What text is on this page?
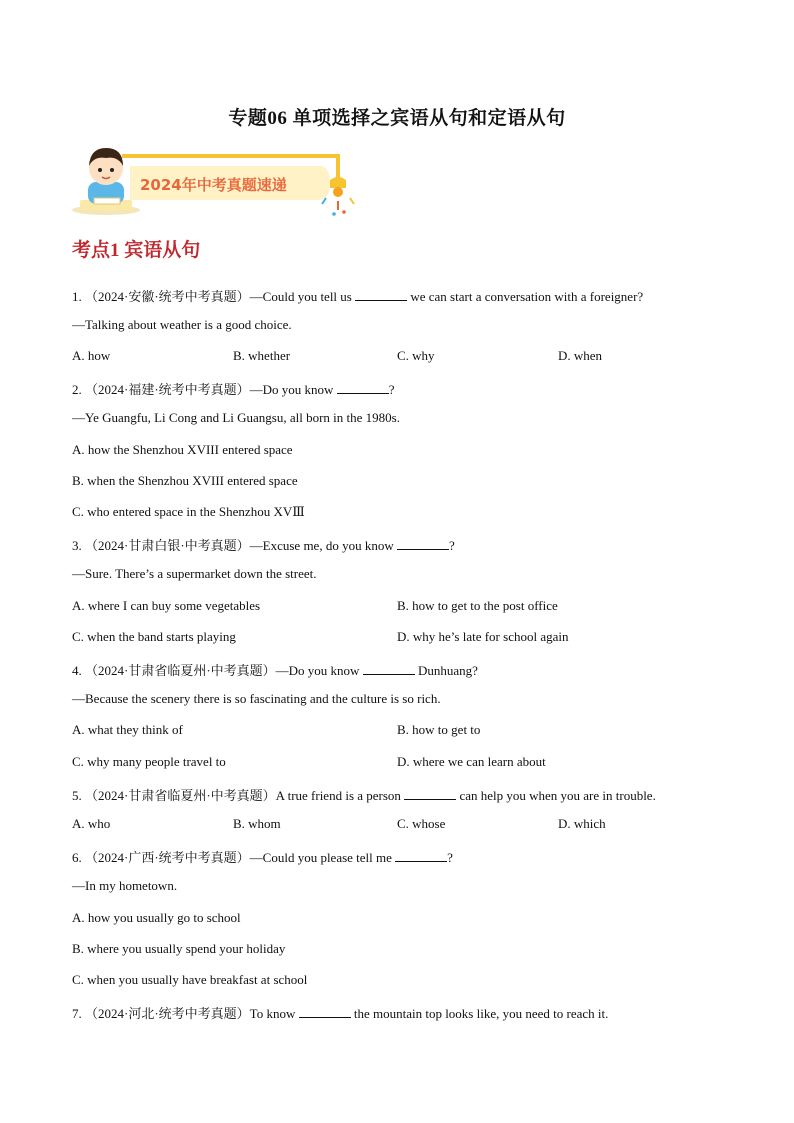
专题06 单项选择之宾语从句和定语从句
2024年中考真题速递
考点1 宾语从句
1. （2024·安徽·统考中考真题）—Could you tell us	we can start a conversation with a foreigner?
—Talking about weather is a good choice.
A. how	B. whether	C. why	D. when
2. （2024·福建·统考中考真题）—Do you know	?
—Ye Guangfu, Li Cong and Li Guangsu, all born in the 1980s.
A. how the Shenzhou XVIII entered space
B. when the Shenzhou XVIII entered space
C. who entered space in the Shenzhou XVⅢ
3. （2024·甘肃白银·中考真题）—Excuse me, do you know	?
—Sure. There’s a supermarket down the street.
A. where I can buy some vegetables	B. how to get to the post office
C. when the band starts playing	D. why he’s late for school again
4. （2024·甘肃省临夏州·中考真题）—Do you know	Dunhuang?
—Because the scenery there is so fascinating and the culture is so rich.
A. what they think of	B. how to get to
C. why many people travel to	D. where we can learn about
5. （2024·甘肃省临夏州·中考真题）A true friend is a person	can help you when you are in trouble.
A. who	B. whom	C. whose	D. which
6. （2024·广西·统考中考真题）—Could you please tell me	?
—In my hometown.
A. how you usually go to school
B. where you usually spend your holiday
C. when you usually have breakfast at school
7. （2024·河北·统考中考真题）To know	the mountain top looks like, you need to reach it.
